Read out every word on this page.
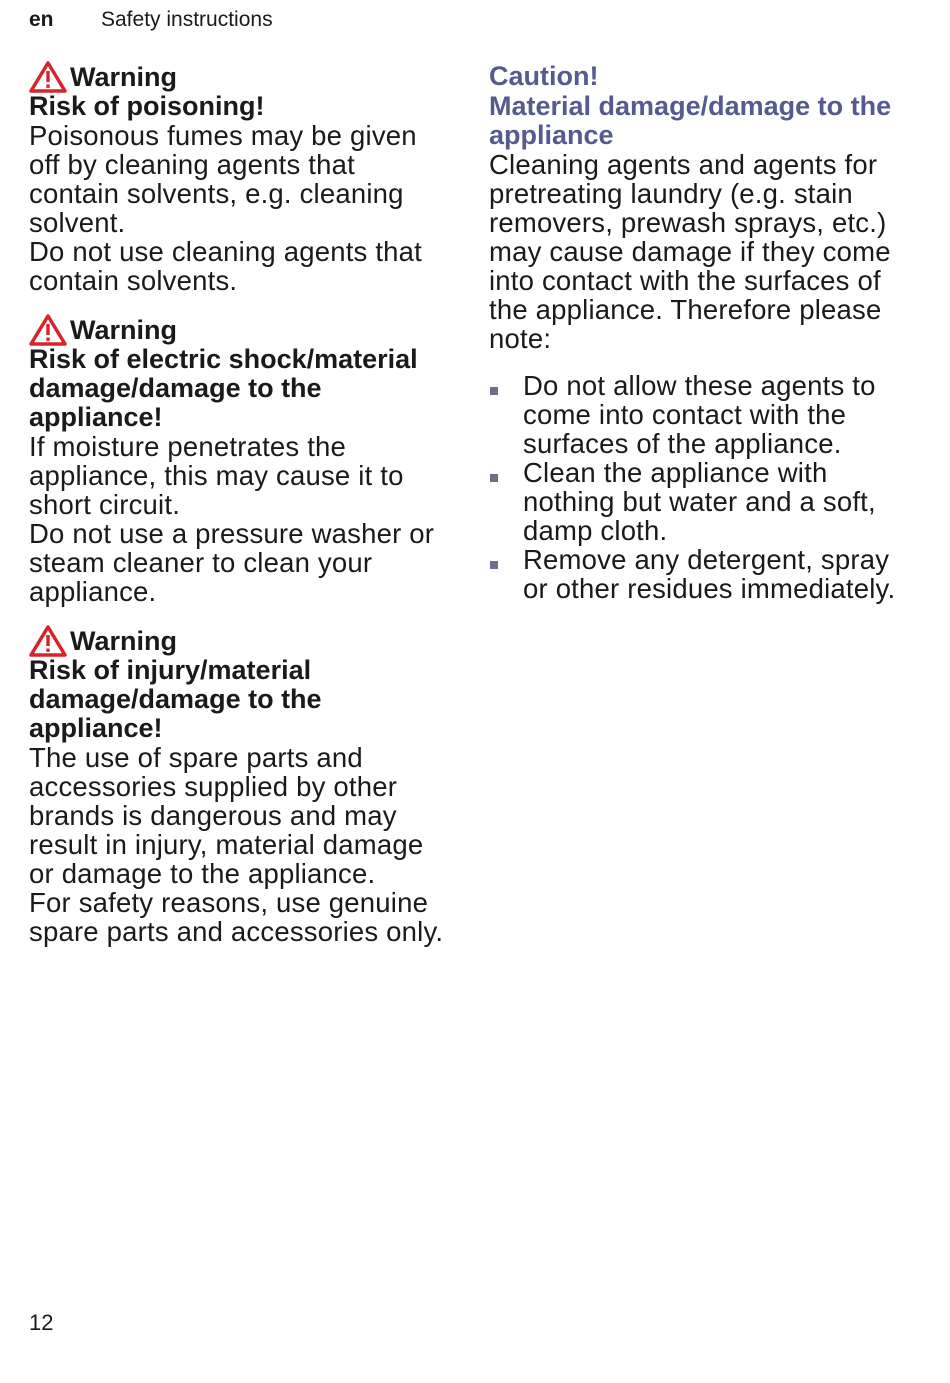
en Safety instructions
Warning
Risk of poisoning!
Poisonous fumes may be given off by cleaning agents that contain solvents, e.g. cleaning solvent.
Do not use cleaning agents that contain solvents.
Warning
Risk of electric shock/material damage/damage to the appliance!
If moisture penetrates the appliance, this may cause it to short circuit.
Do not use a pressure washer or steam cleaner to clean your appliance.
Warning
Risk of injury/material damage/damage to the appliance!
The use of spare parts and accessories supplied by other brands is dangerous and may result in injury, material damage or damage to the appliance.
For safety reasons, use genuine spare parts and accessories only.
Caution!
Material damage/damage to the appliance
Cleaning agents and agents for pretreating laundry (e.g. stain removers, prewash sprays, etc.) may cause damage if they come into contact with the surfaces of the appliance. Therefore please note:
Do not allow these agents to come into contact with the surfaces of the appliance.
Clean the appliance with nothing but water and a soft, damp cloth.
Remove any detergent, spray or other residues immediately.
12
